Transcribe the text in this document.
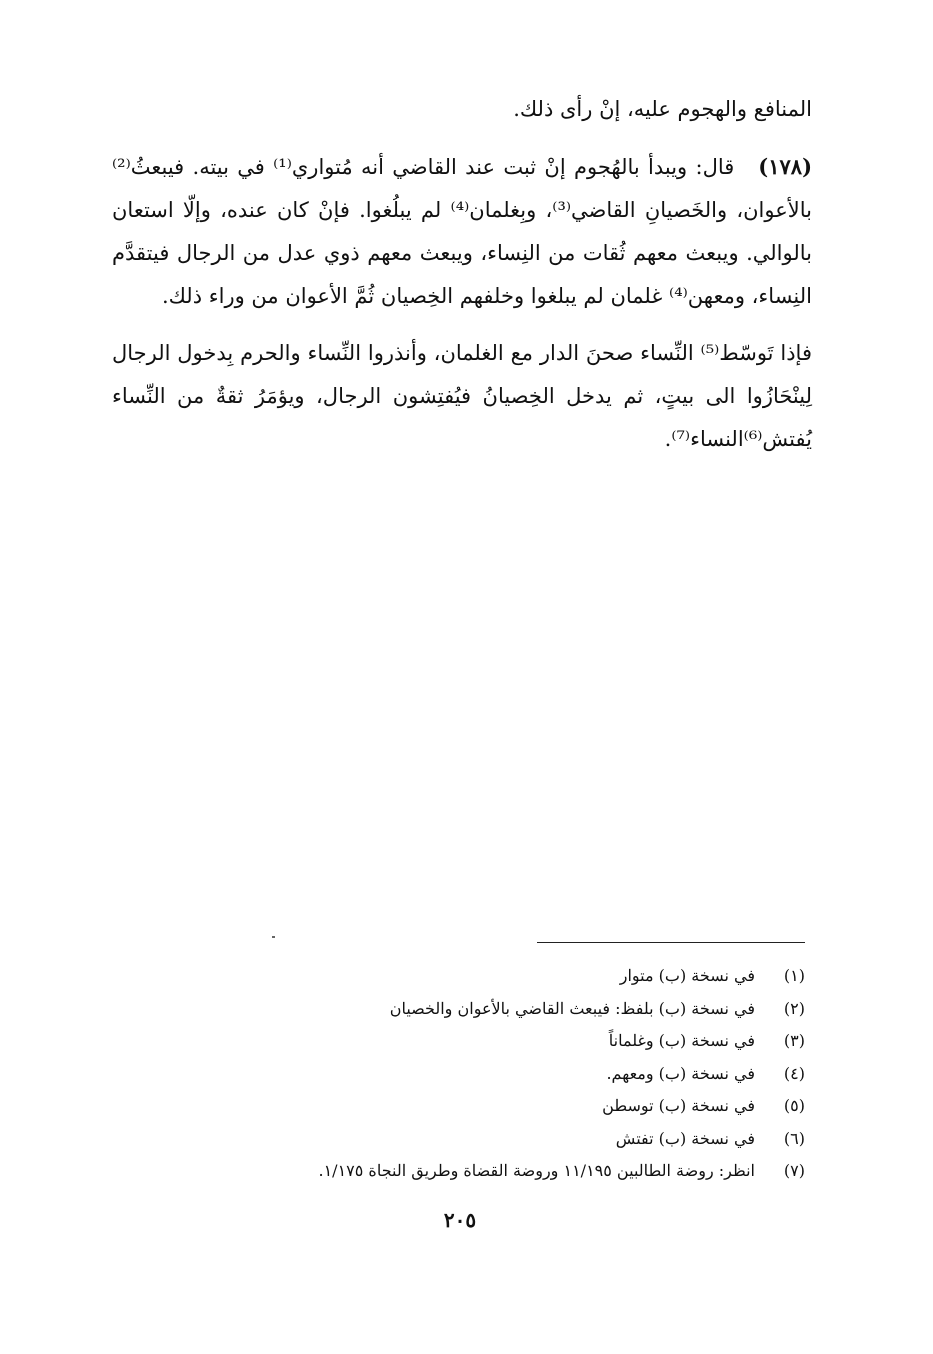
المنافع والهجوم عليه، إنْ رأى ذلك.

(١٧٨)قال: ويبدأ بالهُجوم إنْ ثبت عند القاضي أنه مُتواري⁽¹⁾ في بيته. فيبعثُ⁽²⁾ بالأعوان، والخَصيانِ القاضي⁽³⁾، وبِغلمان⁽⁴⁾ لم يبلُغوا. فإنْ كان عنده، وإلّا استعان بالوالي. ويبعث معهم ثُقات من النِساء، ويبعث معهم ذوي عدل من الرجال فيتقدَّم النِساء، ومعهن⁽⁴⁾ غلمان لم يبلغوا وخلفهم الخِصيان ثُمَّ الأعوان من وراء ذلك.

فإذا تَوسّط⁽⁵⁾ النِّساء صحنَ الدار مع الغلمان، وأنذروا النِّساء والحرم بِدخول الرجال لِينْحَازُوا الى بيتٍ، ثم يدخل الخِصيانُ فيُفتِشون الرجال، ويؤمَرُ ثقةٌ من النِّساء يُفتش⁽⁶⁾النساء⁽⁷⁾.

(١)في نسخة (ب) متوار
(٢)في نسخة (ب) بلفظ: فيبعث القاضي بالأعوان والخصيان
(٣)في نسخة (ب) وغلماناً
(٤)في نسخة (ب) ومعهم.
(٥)في نسخة (ب) توسطن
(٦)في نسخة (ب) تفتش
(٧)انظر: روضة الطالبين ١١/١٩٥ وروضة القضاة وطريق النجاة ١/١٧٥.
٢٠٥
